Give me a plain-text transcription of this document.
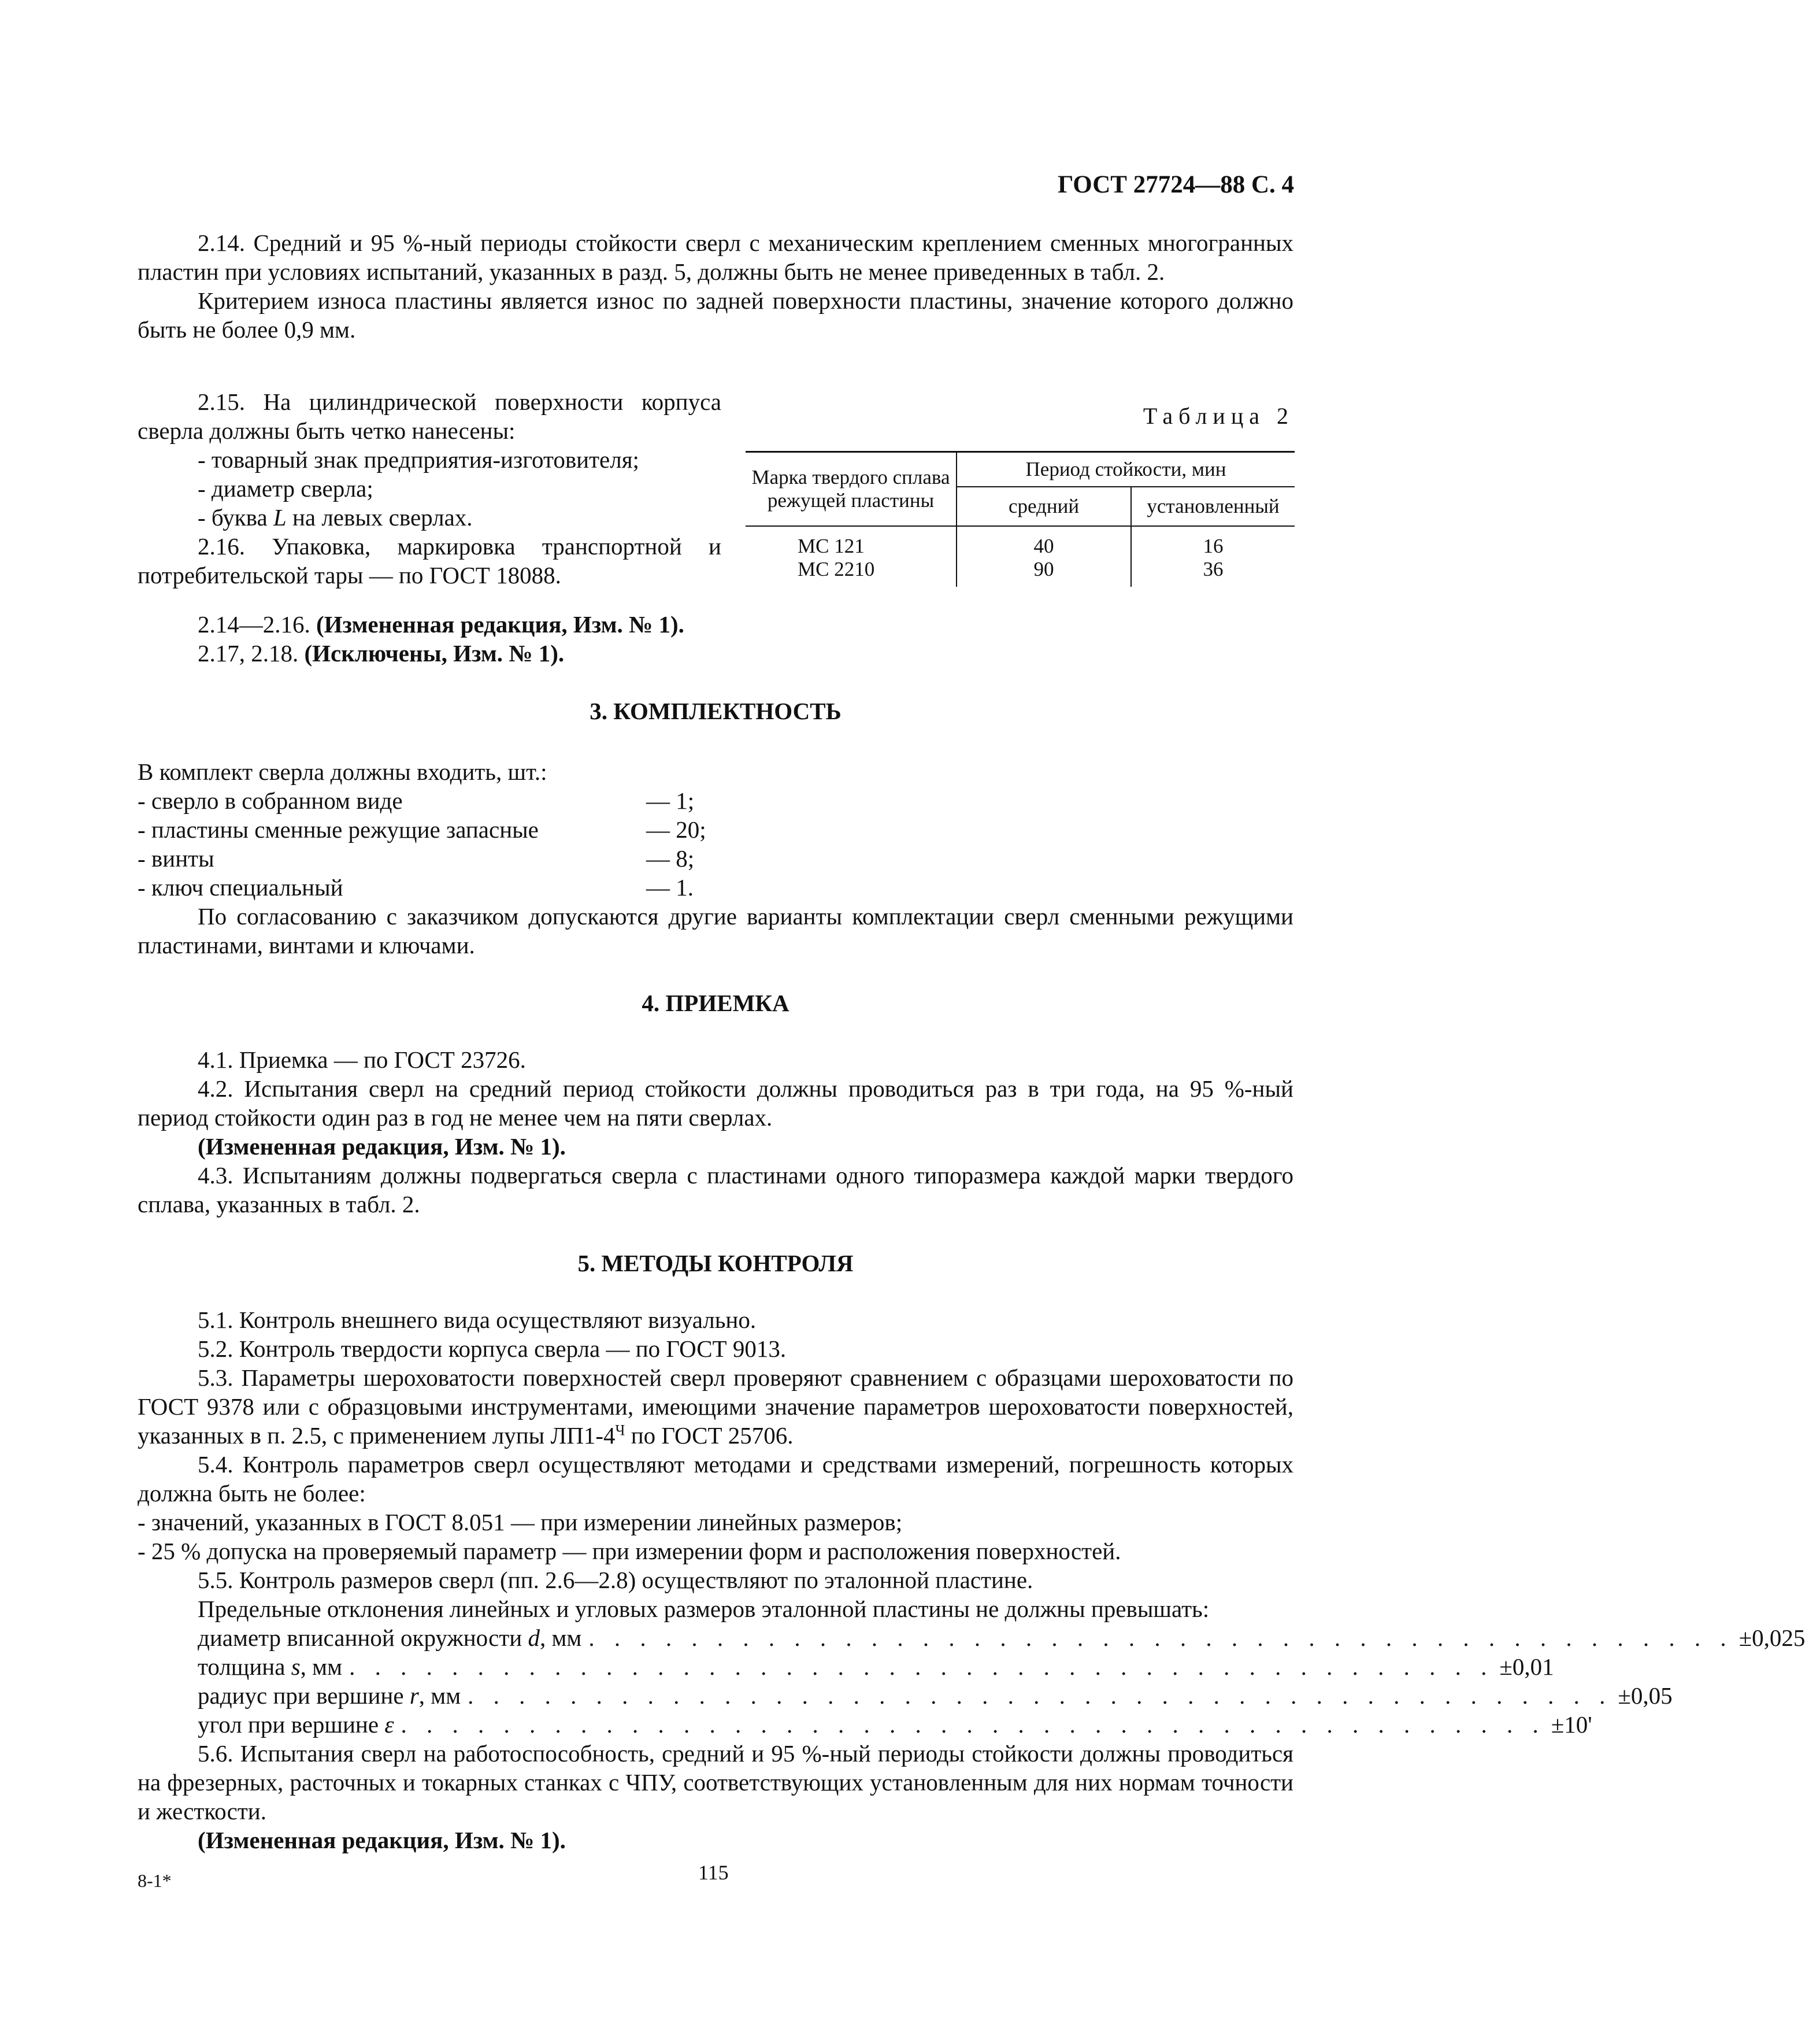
ГОСТ 27724—88 С. 4

2.14. Средний и 95 %-ный периоды стойкости сверл с механическим креплением сменных многогранных пластин при условиях испытаний, указанных в разд. 5, должны быть не менее приведенных в табл. 2.

Критерием износа пластины является износ по задней поверхности пластины, значение которого должно быть не более 0,9 мм.

2.15. На цилиндрической поверхности корпуса сверла должны быть четко нанесены:

- товарный знак предприятия-изготовителя;

- диаметр сверла;

- буква L на левых сверлах.

2.16. Упаковка, маркировка транспортной и потребительской тары — по ГОСТ 18088.

2.14—2.16. (Измененная редакция, Изм. № 1).

2.17, 2.18. (Исключены, Изм. № 1).

Таблица 2
Марка твердого сплава режущей пластины	Период стойкости, мин	
	средний	установленный
МС 121	40	16
МС 2210	90	36
3. КОМПЛЕКТНОСТЬ

В комплект сверла должны входить, шт.:

- сверло в собранном виде	— 1;
- пластины сменные режущие запасные	— 20;
- винты	— 8;
- ключ специальный	— 1.

По согласованию с заказчиком допускаются другие варианты комплектации сверл сменными режущими пластинами, винтами и ключами.

4. ПРИЕМКА

4.1. Приемка — по ГОСТ 23726.

4.2. Испытания сверл на средний период стойкости должны проводиться раз в три года, на 95 %-ный период стойкости один раз в год не менее чем на пяти сверлах.

(Измененная редакция, Изм. № 1).

4.3. Испытаниям должны подвергаться сверла с пластинами одного типоразмера каждой марки твердого сплава, указанных в табл. 2.

5. МЕТОДЫ КОНТРОЛЯ

5.1. Контроль внешнего вида осуществляют визуально.

5.2. Контроль твердости корпуса сверла — по ГОСТ 9013.

5.3. Параметры шероховатости поверхностей сверл проверяют сравнением с образцами шероховатости по ГОСТ 9378 или с образцовыми инструментами, имеющими значение параметров шероховатости поверхностей, указанных в п. 2.5, с применением лупы $ЛП1-4^Ч$ по ГОСТ 25706.

5.4. Контроль параметров сверл осуществляют методами и средствами измерений, погрешность которых должна быть не более:

- значений, указанных в ГОСТ 8.051 — при измерении линейных размеров;

- 25 % допуска на проверяемый параметр — при измерении форм и расположения поверхностей.

5.5. Контроль размеров сверл (пп. 2.6—2.8) осуществляют по эталонной пластине.

Предельные отклонения линейных и угловых размеров эталонной пластины не должны превышать:

диаметр вписанной окружности d, мм . . . . . . . . . . . . . . . . . . . . . . . . . . . . . . . . . . . . . . . . . . . . . ±0,025
толщина s, мм . . . . . . . . . . . . . . . . . . . . . . . . . . . . . . . . . . . . . . . . . . . . . ±0,01
радиус при вершине r, мм . . . . . . . . . . . . . . . . . . . . . . . . . . . . . . . . . . . . . . . . . . . . . ±0,05
угол при вершине ε . . . . . . . . . . . . . . . . . . . . . . . . . . . . . . . . . . . . . . . . . . . . . ±10'

5.6. Испытания сверл на работоспособность, средний и 95 %-ный периоды стойкости должны проводиться на фрезерных, расточных и токарных станках с ЧПУ, соответствующих установленным для них нормам точности и жесткости.

(Измененная редакция, Изм. № 1).

8-1*	115
